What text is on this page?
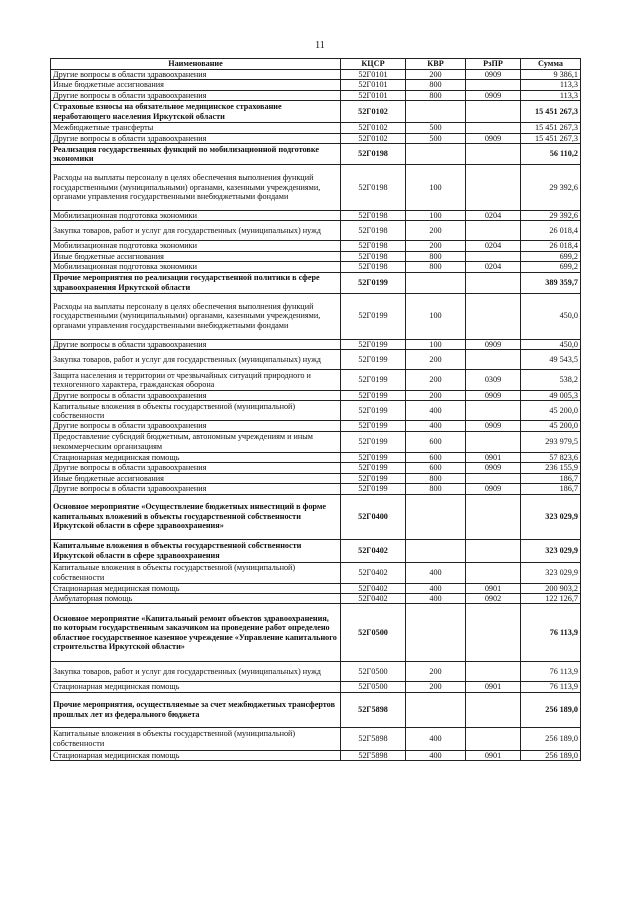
11
Наименование	КЦСР	КВР	РзПР	Сумма
Другие вопросы в области здравоохранения	52Г0101	200	0909	9 386,1
Иные бюджетные ассигнования	52Г0101	800		113,3
Другие вопросы в области здравоохранения	52Г0101	800	0909	113,3
Страховые взносы на обязательное медицинское страхование неработающего населения Иркутской области	52Г0102			15 451 267,3
Межбюджетные трансферты	52Г0102	500		15 451 267,3
Другие вопросы в области здравоохранения	52Г0102	500	0909	15 451 267,3
Реализация государственных функций по мобилизационной подготовке экономики	52Г0198			56 110,2
Расходы на выплаты персоналу в целях обеспечения выполнения функций государственными (муниципальными) органами, казенными учреждениями, органами управления государственными внебюджетными фондами	52Г0198	100		29 392,6
Мобилизационная подготовка экономики	52Г0198	100	0204	29 392,6
Закупка товаров, работ и услуг для государственных (муниципальных) нужд	52Г0198	200		26 018,4
Мобилизационная подготовка экономики	52Г0198	200	0204	26 018,4
Иные бюджетные ассигнования	52Г0198	800		699,2
Мобилизационная подготовка экономики	52Г0198	800	0204	699,2
Прочие мероприятия по реализации государственной политики в сфере здравоохранения Иркутской области	52Г0199			389 359,7
Расходы на выплаты персоналу в целях обеспечения выполнения функций государственными (муниципальными) органами, казенными учреждениями, органами управления государственными внебюджетными фондами	52Г0199	100		450,0
Другие вопросы в области здравоохранения	52Г0199	100	0909	450,0
Закупка товаров, работ и услуг для государственных (муниципальных) нужд	52Г0199	200		49 543,5
Защита населения и территории от чрезвычайных ситуаций природного и техногенного характера, гражданская оборона	52Г0199	200	0309	538,2
Другие вопросы в области здравоохранения	52Г0199	200	0909	49 005,3
Капитальные вложения в объекты государственной (муниципальной) собственности	52Г0199	400		45 200,0
Другие вопросы в области здравоохранения	52Г0199	400	0909	45 200,0
Предоставление субсидий бюджетным, автономным учреждениям и иным некоммерческим организациям	52Г0199	600		293 979,5
Стационарная медицинская помощь	52Г0199	600	0901	57 823,6
Другие вопросы в области здравоохранения	52Г0199	600	0909	236 155,9
Иные бюджетные ассигнования	52Г0199	800		186,7
Другие вопросы в области здравоохранения	52Г0199	800	0909	186,7
Основное мероприятие «Осуществление бюджетных инвестиций в форме капитальных вложений в объекты государственной собственности Иркутской области в сфере здравоохранения»	52Г0400			323 029,9
Капитальные вложения в объекты государственной собственности Иркутской области в сфере здравоохранения	52Г0402			323 029,9
Капитальные вложения в объекты государственной (муниципальной) собственности	52Г0402	400		323 029,9
Стационарная медицинская помощь	52Г0402	400	0901	200 903,2
Амбулаторная помощь	52Г0402	400	0902	122 126,7
Основное мероприятие «Капитальный ремонт объектов здравоохранения, по которым государственным заказчиком на проведение работ определено областное государственное казенное учреждение «Управление капитального строительства Иркутской области»	52Г0500			76 113,9
Закупка товаров, работ и услуг для государственных (муниципальных) нужд	52Г0500	200		76 113,9
Стационарная медицинская помощь	52Г0500	200	0901	76 113,9
Прочие мероприятия, осуществляемые за счет межбюджетных трансфертов прошлых лет из федерального бюджета	52Г5898			256 189,0
Капитальные вложения в объекты государственной (муниципальной) собственности	52Г5898	400		256 189,0
Стационарная медицинская помощь	52Г5898	400	0901	256 189,0
